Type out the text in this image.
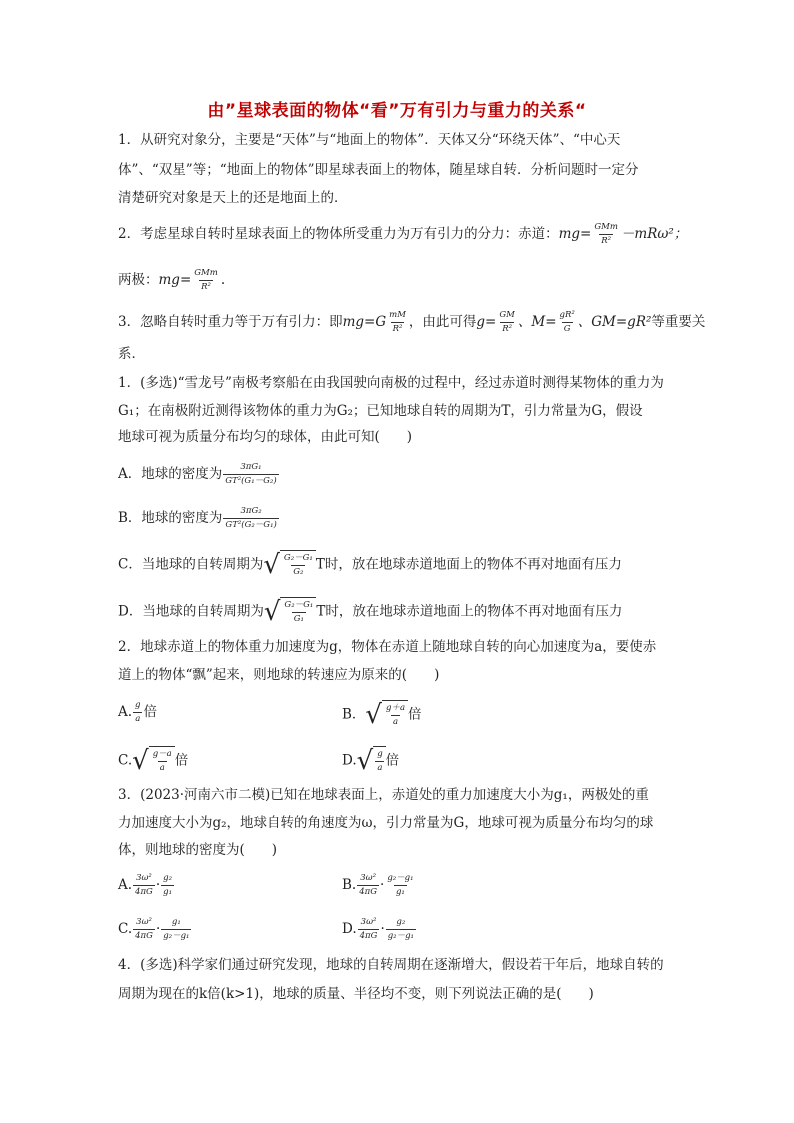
由”星球表面的物体“看”万有引力与重力的关系“
1．从研究对象分，主要是“天体”与“地面上的物体”．天体又分“环绕天体”、“中心天
体”、“双星”等；“地面上的物体”即星球表面上的物体，随星球自转．分析问题时一定分
清楚研究对象是天上的还是地面上的．
2．考虑星球自转时星球表面上的物体所受重力为万有引力的分力：赤道：$mg= \frac{\text{GMm}}{\text{R²}} -mR\omega^2$；
两极：$mg= \frac{\text{GMm}}{\text{R²}}$ .
3．忽略自转时重力等于万有引力：即$mg=G \frac{mM}{\text{R²}}$ ，由此可得$g= \frac{GM}{\text{R²}}$ 、$M= \frac{\text{gR²}}{G}$ 、GM=gR²等重要关
系．
1．(多选)“雪龙号”南极考察船在由我国驶向南极的过程中，经过赤道时测得某物体的重力为
G₁；在南极附近测得该物体的重力为G₂；已知地球自转的周期为T，引力常量为G，假设
地球可视为质量分布均匀的球体，由此可知(　　)
A．地球的密度为 $\frac{\text{3πG₁}}{\text{GT²(G₁－G₂)}}$
B．地球的密度为 $\frac{\text{3πG₂}}{\text{GT²(G₂－G₁)}}$
C．当地球的自转周期为 √ $\frac{\text{G₂－G₁}}{\text{G₂}}$ T时，放在地球赤道地面上的物体不再对地面有压力
D．当地球的自转周期为 √ $\frac{\text{G₂－G₁}}{\text{G₁}}$ T时，放在地球赤道地面上的物体不再对地面有压力
2．地球赤道上的物体重力加速度为g，物体在赤道上随地球自转的向心加速度为a，要使赤
道上的物体“飘”起来，则地球的转速应为原来的(　　)
A. $\frac{g}{a}$ 倍	B． √ $\frac{g+a}{a}$ 倍
C. √ $\frac{g-a}{a}$ 倍	D. √ $\frac{g}{a}$ 倍
3．(2023·河南六市二模)已知在地球表面上，赤道处的重力加速度大小为g₁，两极处的重
力加速度大小为g₂，地球自转的角速度为ω，引力常量为G，地球可视为质量分布均匀的球
体，则地球的密度为(　　)
A. $\frac{\text{3ω²}}{4\pi G} \cdot \frac{\text{g₂}}{\text{g₁}}$	B. $\frac{\text{3ω²}}{4\pi G} \cdot \frac{\text{g₂－g₁}}{\text{g₁}}$
C. $\frac{\text{3ω²}}{4\pi G} \cdot \frac{\text{g₁}}{\text{g₂－g₁}}$	D. $\frac{\text{3ω²}}{4\pi G} \cdot \frac{\text{g₂}}{\text{g₂－g₁}}$
4．(多选)科学家们通过研究发现，地球的自转周期在逐渐增大，假设若干年后，地球自转的
周期为现在的k倍(k>1)，地球的质量、半径均不变，则下列说法正确的是(　　)
